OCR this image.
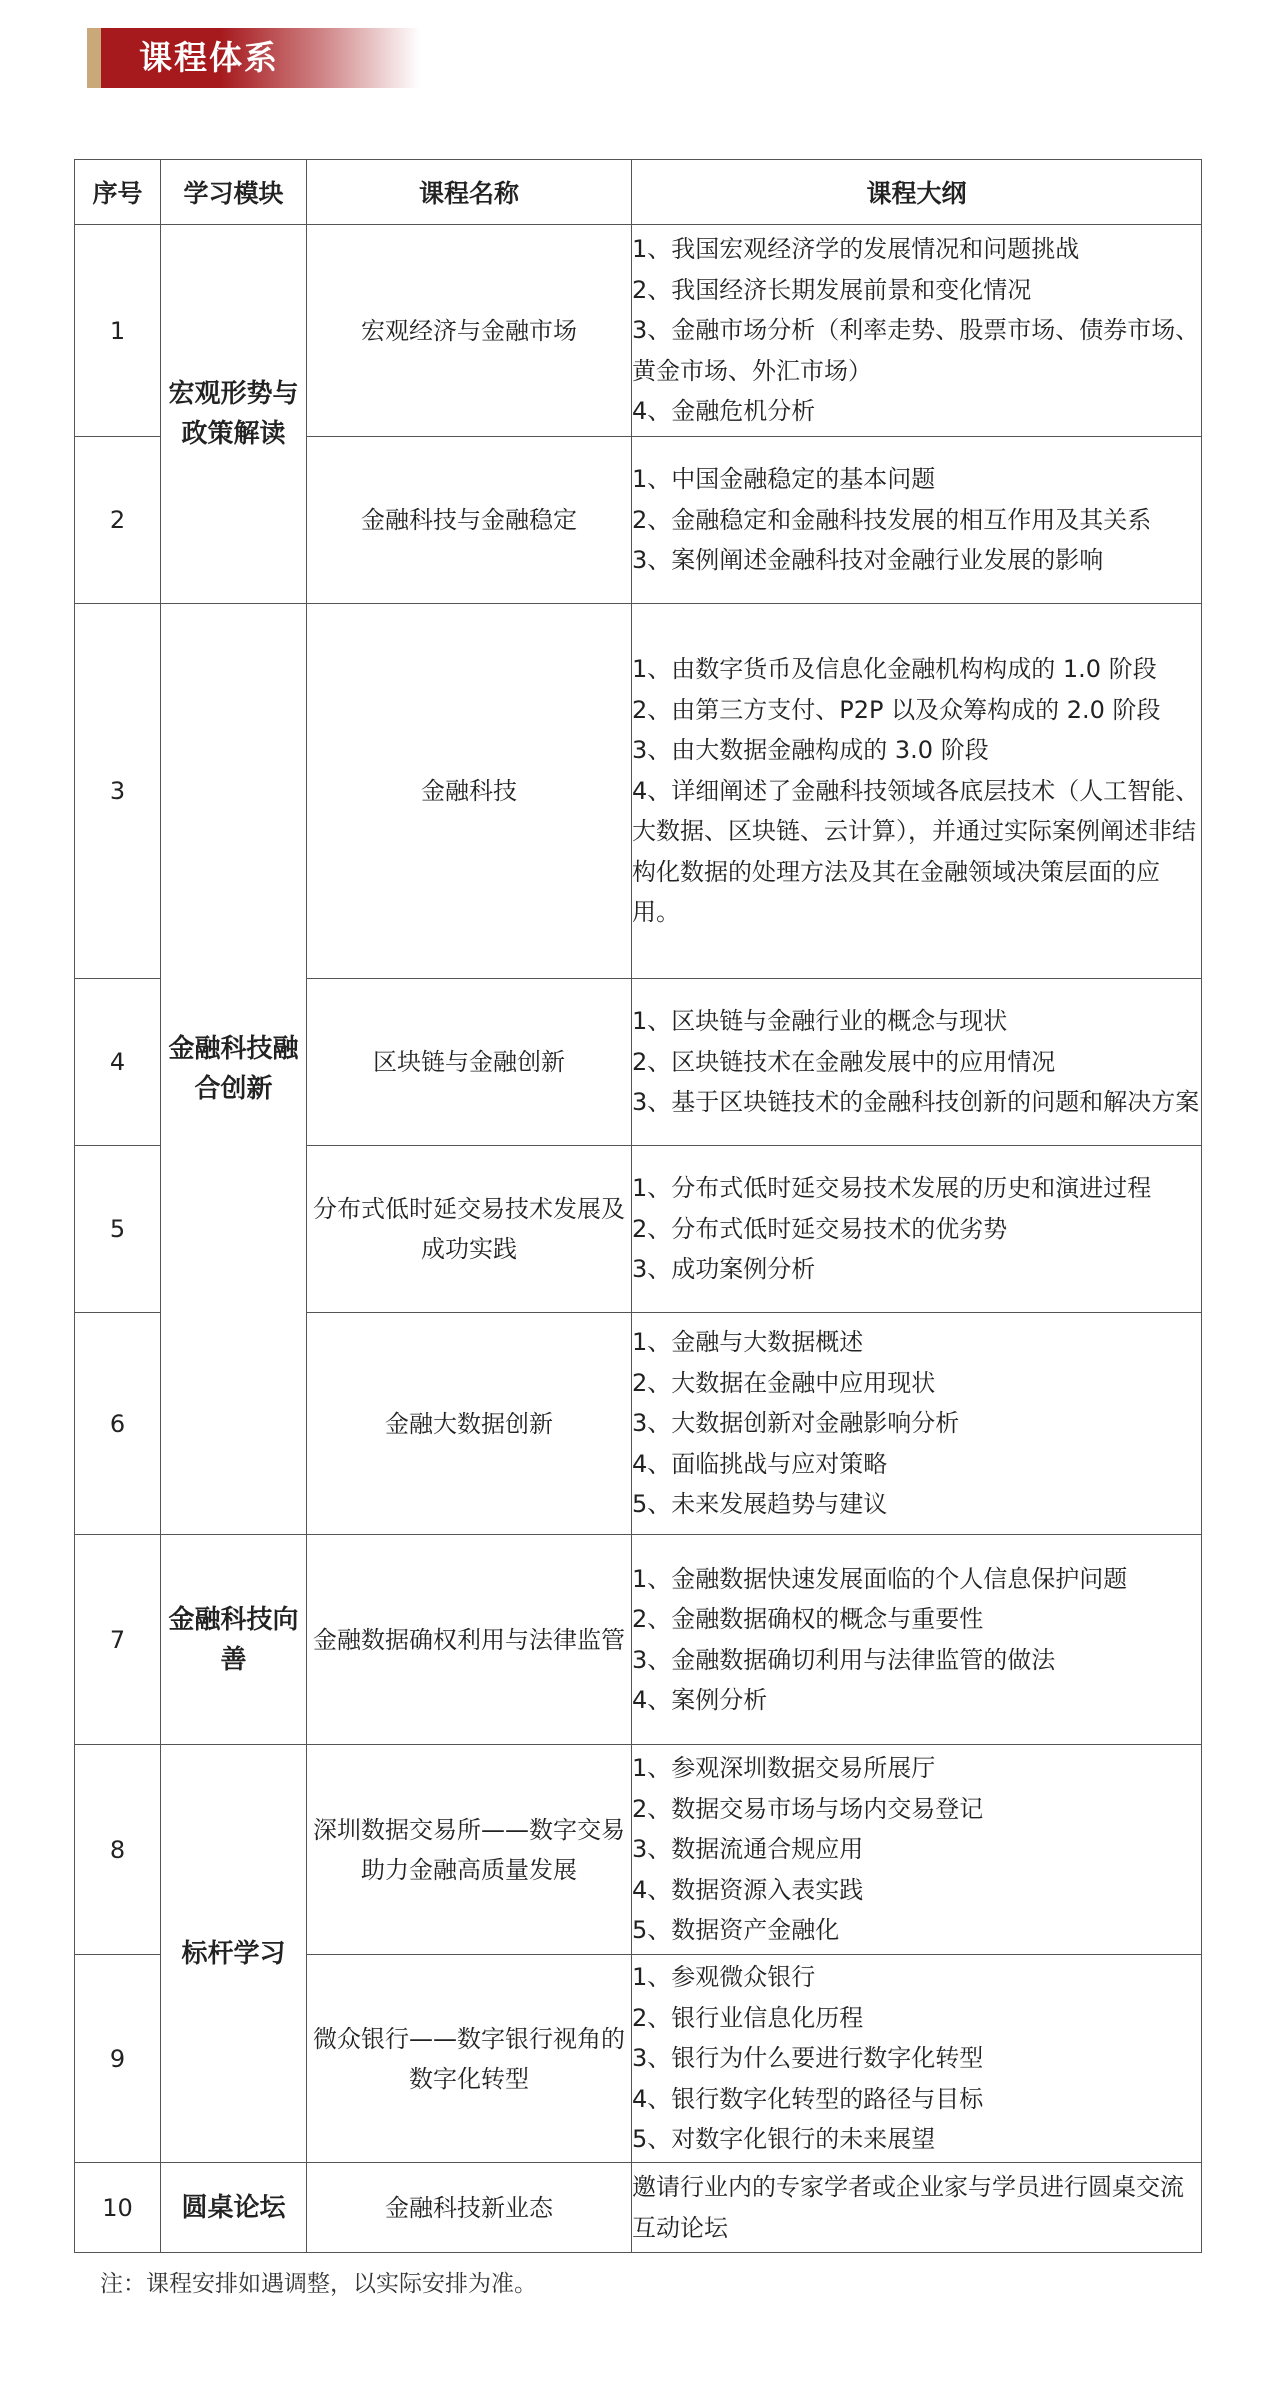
课程体系
序号	学习模块	课程名称	课程大纲
1	宏观形势与政策解读	宏观经济与金融市场	1、我国宏观经济学的发展情况和问题挑战
2、我国经济长期发展前景和变化情况
3、金融市场分析（利率走势、股票市场、债券市场、黄金市场、外汇市场）
4、金融危机分析

2		金融科技与金融稳定	1、中国金融稳定的基本问题
2、金融稳定和金融科技发展的相互作用及其关系
3、案例阐述金融科技对金融行业发展的影响

3	金融科技融合创新	金融科技	1、由数字货币及信息化金融机构构成的 1.0 阶段
2、由第三方支付、P2P 以及众筹构成的 2.0 阶段
3、由大数据金融构成的 3.0 阶段
4、详细阐述了金融科技领域各底层技术（人工智能、大数据、区块链、云计算），并通过实际案例阐述非结构化数据的处理方法及其在金融领域决策层面的应用。

4		区块链与金融创新	1、区块链与金融行业的概念与现状
2、区块链技术在金融发展中的应用情况
3、基于区块链技术的金融科技创新的问题和解决方案

5		分布式低时延交易技术发展及成功实践	1、分布式低时延交易技术发展的历史和演进过程
2、分布式低时延交易技术的优劣势
3、成功案例分析

6		金融大数据创新	1、金融与大数据概述
2、大数据在金融中应用现状
3、大数据创新对金融影响分析
4、面临挑战与应对策略
5、未来发展趋势与建议

7	金融科技向善	金融数据确权利用与法律监管	1、金融数据快速发展面临的个人信息保护问题
2、金融数据确权的概念与重要性
3、金融数据确切利用与法律监管的做法
4、案例分析

8	标杆学习	深圳数据交易所——数字交易助力金融高质量发展	1、参观深圳数据交易所展厅
2、数据交易市场与场内交易登记
3、数据流通合规应用
4、数据资源入表实践
5、数据资产金融化

9		微众银行——数字银行视角的数字化转型	1、参观微众银行
2、银行业信息化历程
3、银行为什么要进行数字化转型
4、银行数字化转型的路径与目标
5、对数字化银行的未来展望

10	圆桌论坛	金融科技新业态	邀请行业内的专家学者或企业家与学员进行圆桌交流互动论坛
注：课程安排如遇调整，以实际安排为准。
